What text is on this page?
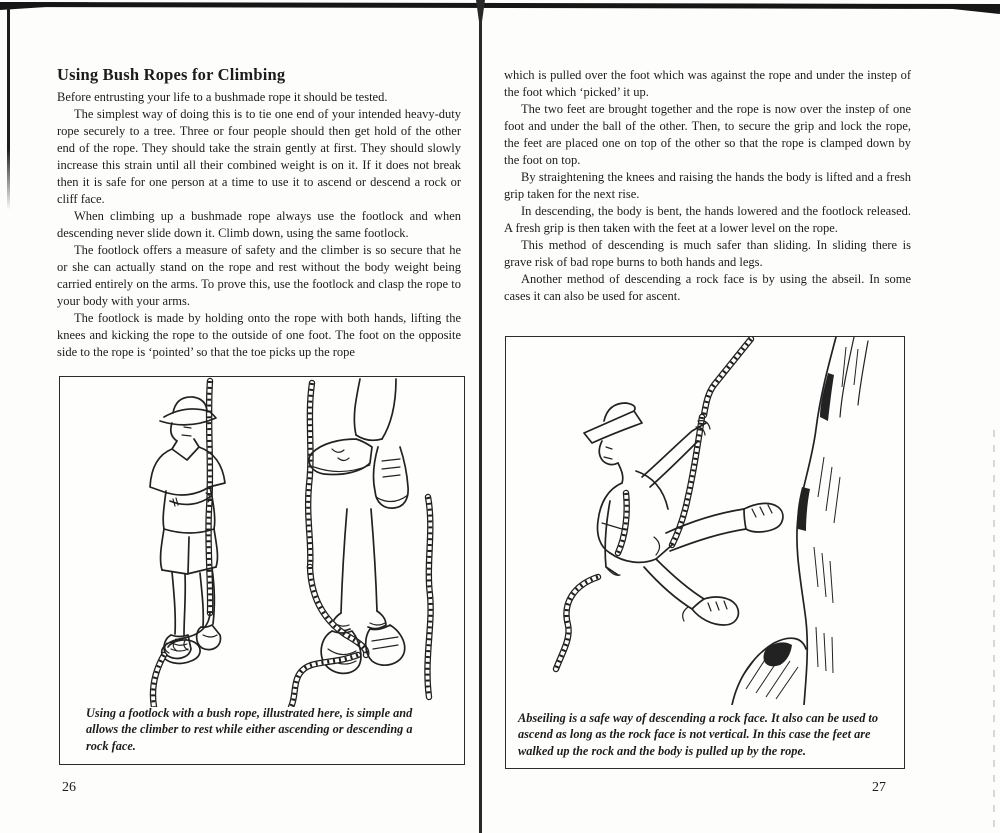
Using Bush Ropes for Climbing

Before entrusting your life to a bushmade rope it should be tested.

The simplest way of doing this is to tie one end of your intended heavy-duty rope securely to a tree. Three or four people should then get hold of the other end of the rope. They should take the strain gently at first. They should slowly increase this strain until all their combined weight is on it. If it does not break then it is safe for one person at a time to use it to ascend or descend a rock or cliff face.

When climbing up a bushmade rope always use the footlock and when descending never slide down it. Climb down, using the same footlock.

The footlock offers a measure of safety and the climber is so secure that he or she can actually stand on the rope and rest without the body weight being carried entirely on the arms. To prove this, use the footlock and clasp the rope to your body with your arms.

The footlock is made by holding onto the rope with both hands, lifting the knees and kicking the rope to the outside of one foot. The foot on the opposite side to the rope is ‘pointed’ so that the toe picks up the rope

Using a footlock with a bush rope, illustrated here, is simple and allows the climber to rest while either ascending or descending a rock face.
26

which is pulled over the foot which was against the rope and under the instep of the foot which ‘picked’ it up.

The two feet are brought together and the rope is now over the instep of one foot and under the ball of the other. Then, to secure the grip and lock the rope, the feet are placed one on top of the other so that the rope is clamped down by the foot on top.

By straightening the knees and raising the hands the body is lifted and a fresh grip taken for the next rise.

In descending, the body is bent, the hands lowered and the footlock released. A fresh grip is then taken with the feet at a lower level on the rope.

This method of descending is much safer than sliding. In sliding there is grave risk of bad rope burns to both hands and legs.

Another method of descending a rock face is by using the abseil. In some cases it can also be used for ascent.

Abseiling is a safe way of descending a rock face. It also can be used to ascend as long as the rock face is not vertical. In this case the feet are walked up the rock and the body is pulled up by the rope.
27
